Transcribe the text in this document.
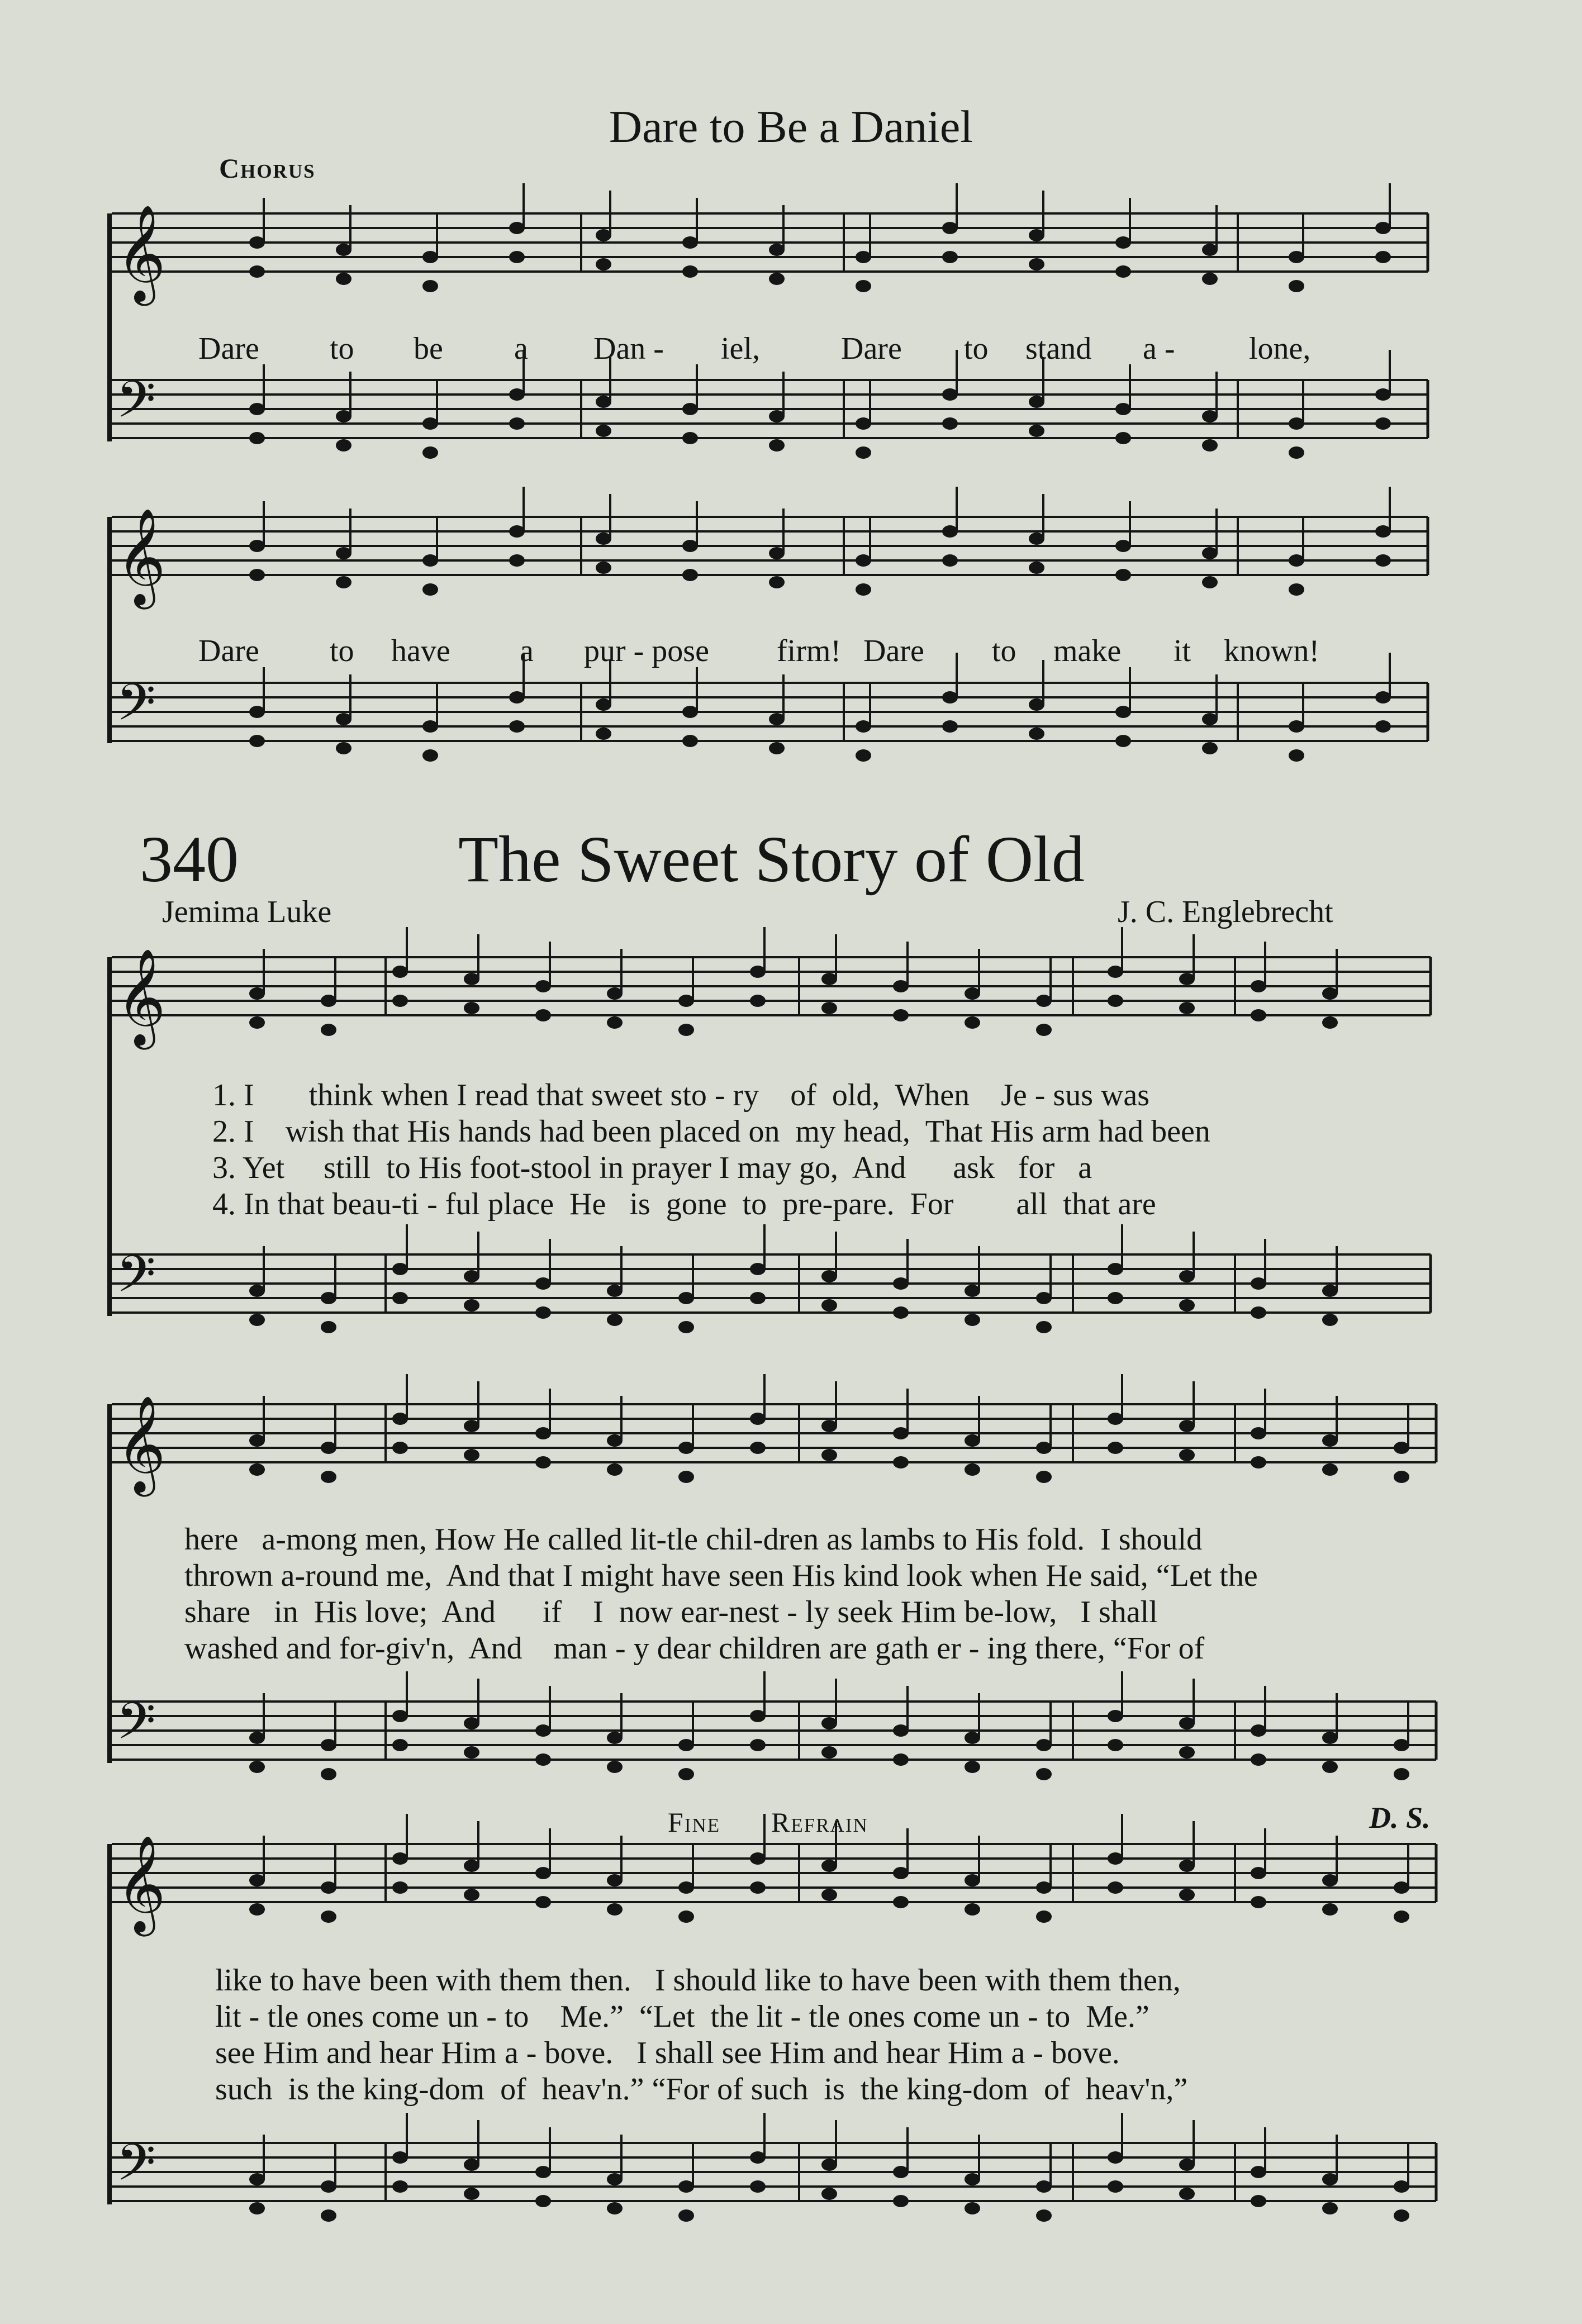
𝄞
𝄢
𝄞
𝄢
𝄞
𝄢
𝄞
𝄢
𝄞
𝄢
Dare to Be a Daniel
Chorus
Dare to be a Dan - iel,	Dare to stand a - lone,
Dare to have a pur - pose firm! Dare to make it known!
340	The Sweet Story of Old
Jemima Luke	J. C. Englebrecht
1. I       think when I read that sweet sto - ry    of  old,  When    Je - sus was
2. I    wish that His hands had been placed on  my head,  That His arm had been
3. Yet     still  to His foot-stool in prayer I may go,  And      ask   for   a
4. In that beau-ti - ful place  He   is  gone  to  pre-pare.  For        all  that are
here   a-mong men, How He called lit-tle chil-dren as lambs to His fold.  I should
thrown a-round me,  And that I might have seen His kind look when He said, “Let the
share   in  His love;  And      if    I  now ear-nest - ly seek Him be-low,   I shall
washed and for-giv'n,  And    man - y dear children are gath er - ing there, “For of
Fine Refrain	D. S.
like to have been with them then.   I should like to have been with them then,
lit - tle ones come un - to    Me.”  “Let  the lit - tle ones come un - to  Me.”
see Him and hear Him a - bove.   I shall see Him and hear Him a - bove.
such  is the king-dom  of  heav'n.” “For of such  is  the king-dom  of  heav'n,”
